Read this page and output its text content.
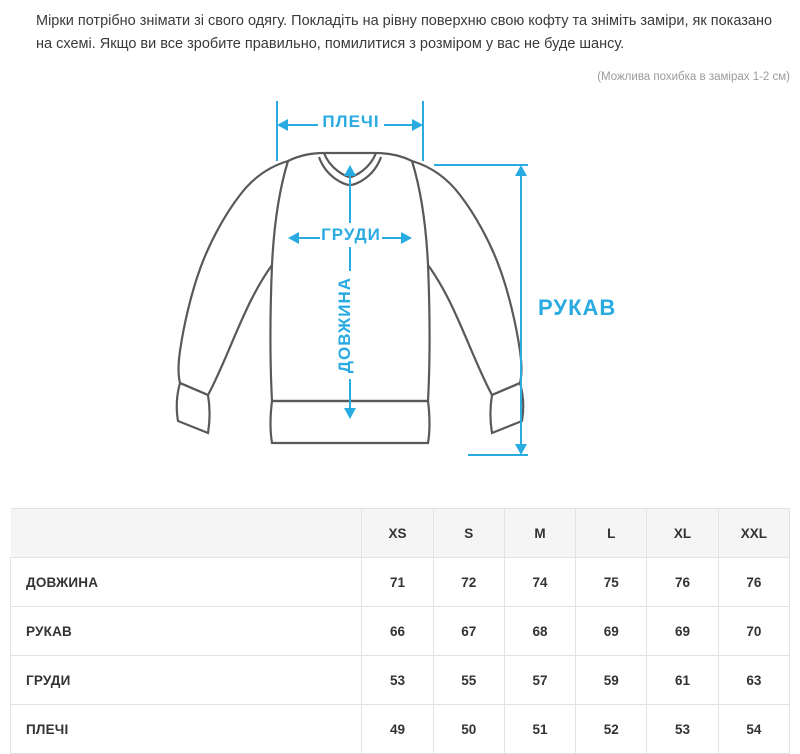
Мірки потрібно знімати зі свого одягу. Покладіть на рівну поверхню свою кофту та зніміть заміри, як показано на схемі. Якщо ви все зробите правильно, помилитися з розміром у вас не буде шансу.
(Можлива похибка в замірах 1-2 см)
ПЛЕЧІ
ГРУДИ
ДОВЖИНА	РУКАВ
	XS	S	M	L	XL	XXL
ДОВЖИНА	71	72	74	75	76	76
РУКАВ	66	67	68	69	69	70
ГРУДИ	53	55	57	59	61	63
ПЛЕЧІ	49	50	51	52	53	54
